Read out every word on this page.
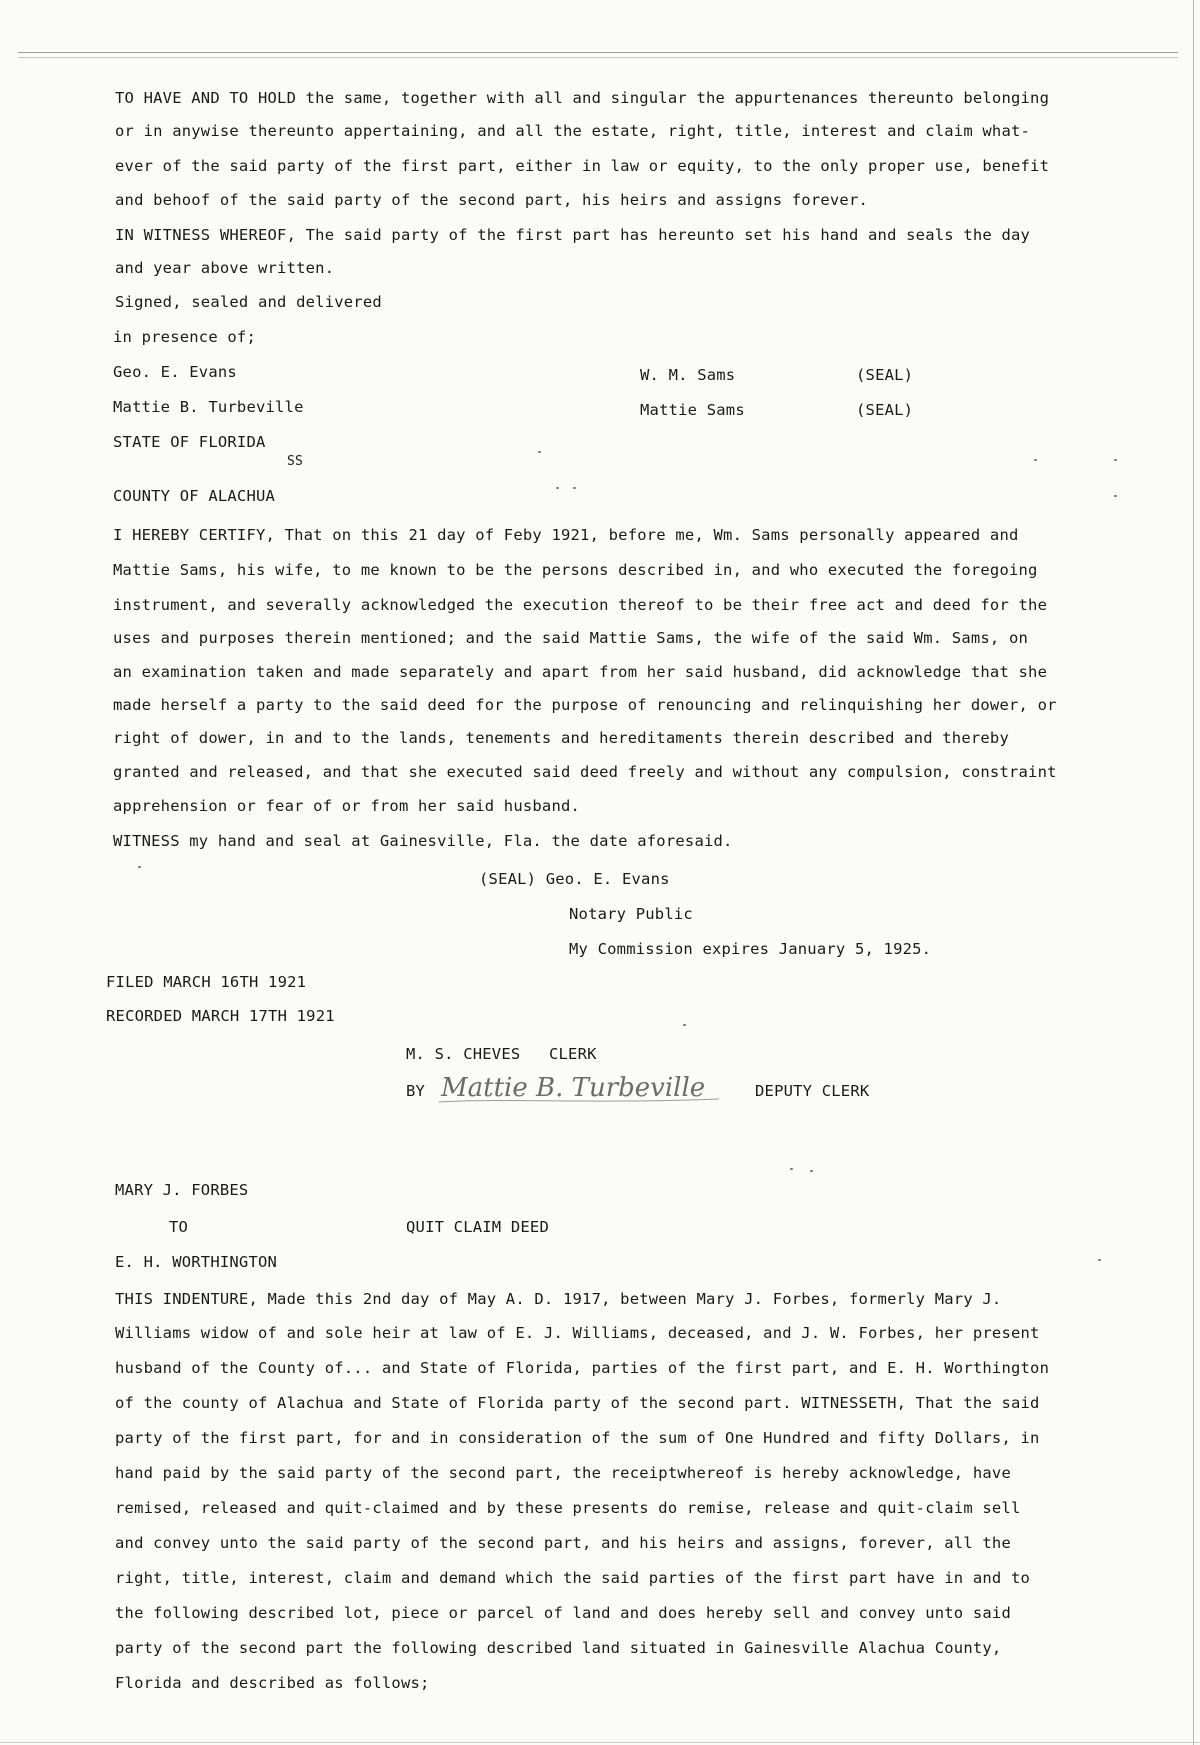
TO HAVE AND TO HOLD the same, together with all and singular the appurtenances thereunto belonging
or in anywise thereunto appertaining, and all the estate, right, title, interest and claim what-
ever of the said party of the first part, either in law or equity, to the only proper use, benefit
and behoof of the said party of the second part, his heirs and assigns forever.
IN WITNESS WHEREOF, The said party of the first part has hereunto set his hand and seals the day
and year above written.
Signed, sealed and delivered
in presence of;
Geo. E. Evans
Mattie B. Turbeville
W. M. Sams	(SEAL)
Mattie Sams	(SEAL)
STATE OF FLORIDA
SS
COUNTY OF ALACHUA
I HEREBY CERTIFY, That on this 21 day of Feby 1921, before me, Wm. Sams personally appeared and
Mattie Sams, his wife, to me known to be the persons described in, and who executed the foregoing
instrument, and severally acknowledged the execution thereof to be their free act and deed for the
uses and purposes therein mentioned; and the said Mattie Sams, the wife of the said Wm. Sams, on
an examination taken and made separately and apart from her said husband, did acknowledge that she
made herself a party to the said deed for the purpose of renouncing and relinquishing her dower, or
right of dower, in and to the lands, tenements and hereditaments therein described and thereby
granted and released, and that she executed said deed freely and without any compulsion, constraint
apprehension or fear of or from her said husband.
WITNESS my hand and seal at Gainesville, Fla. the date aforesaid.
(SEAL) Geo. E. Evans
Notary Public
My Commission expires January 5, 1925.
FILED MARCH 16TH 1921
RECORDED MARCH 17TH 1921
M. S. CHEVES   CLERK
BY Mattie B. Turbeville	DEPUTY CLERK
MARY J. FORBES
TO	QUIT CLAIM DEED
E. H. WORTHINGTON
THIS INDENTURE, Made this 2nd day of May A. D. 1917, between Mary J. Forbes, formerly Mary J.
Williams widow of and sole heir at law of E. J. Williams, deceased, and J. W. Forbes, her present
husband of the County of... and State of Florida, parties of the first part, and E. H. Worthington
of the county of Alachua and State of Florida party of the second part. WITNESSETH, That the said
party of the first part, for and in consideration of the sum of One Hundred and fifty Dollars, in
hand paid by the said party of the second part, the receiptwhereof is hereby acknowledge, have
remised, released and quit-claimed and by these presents do remise, release and quit-claim sell
and convey unto the said party of the second part, and his heirs and assigns, forever, all the
right, title, interest, claim and demand which the said parties of the first part have in and to
the following described lot, piece or parcel of land and does hereby sell and convey unto said
party of the second part the following described land situated in Gainesville Alachua County,
Florida and described as follows;
